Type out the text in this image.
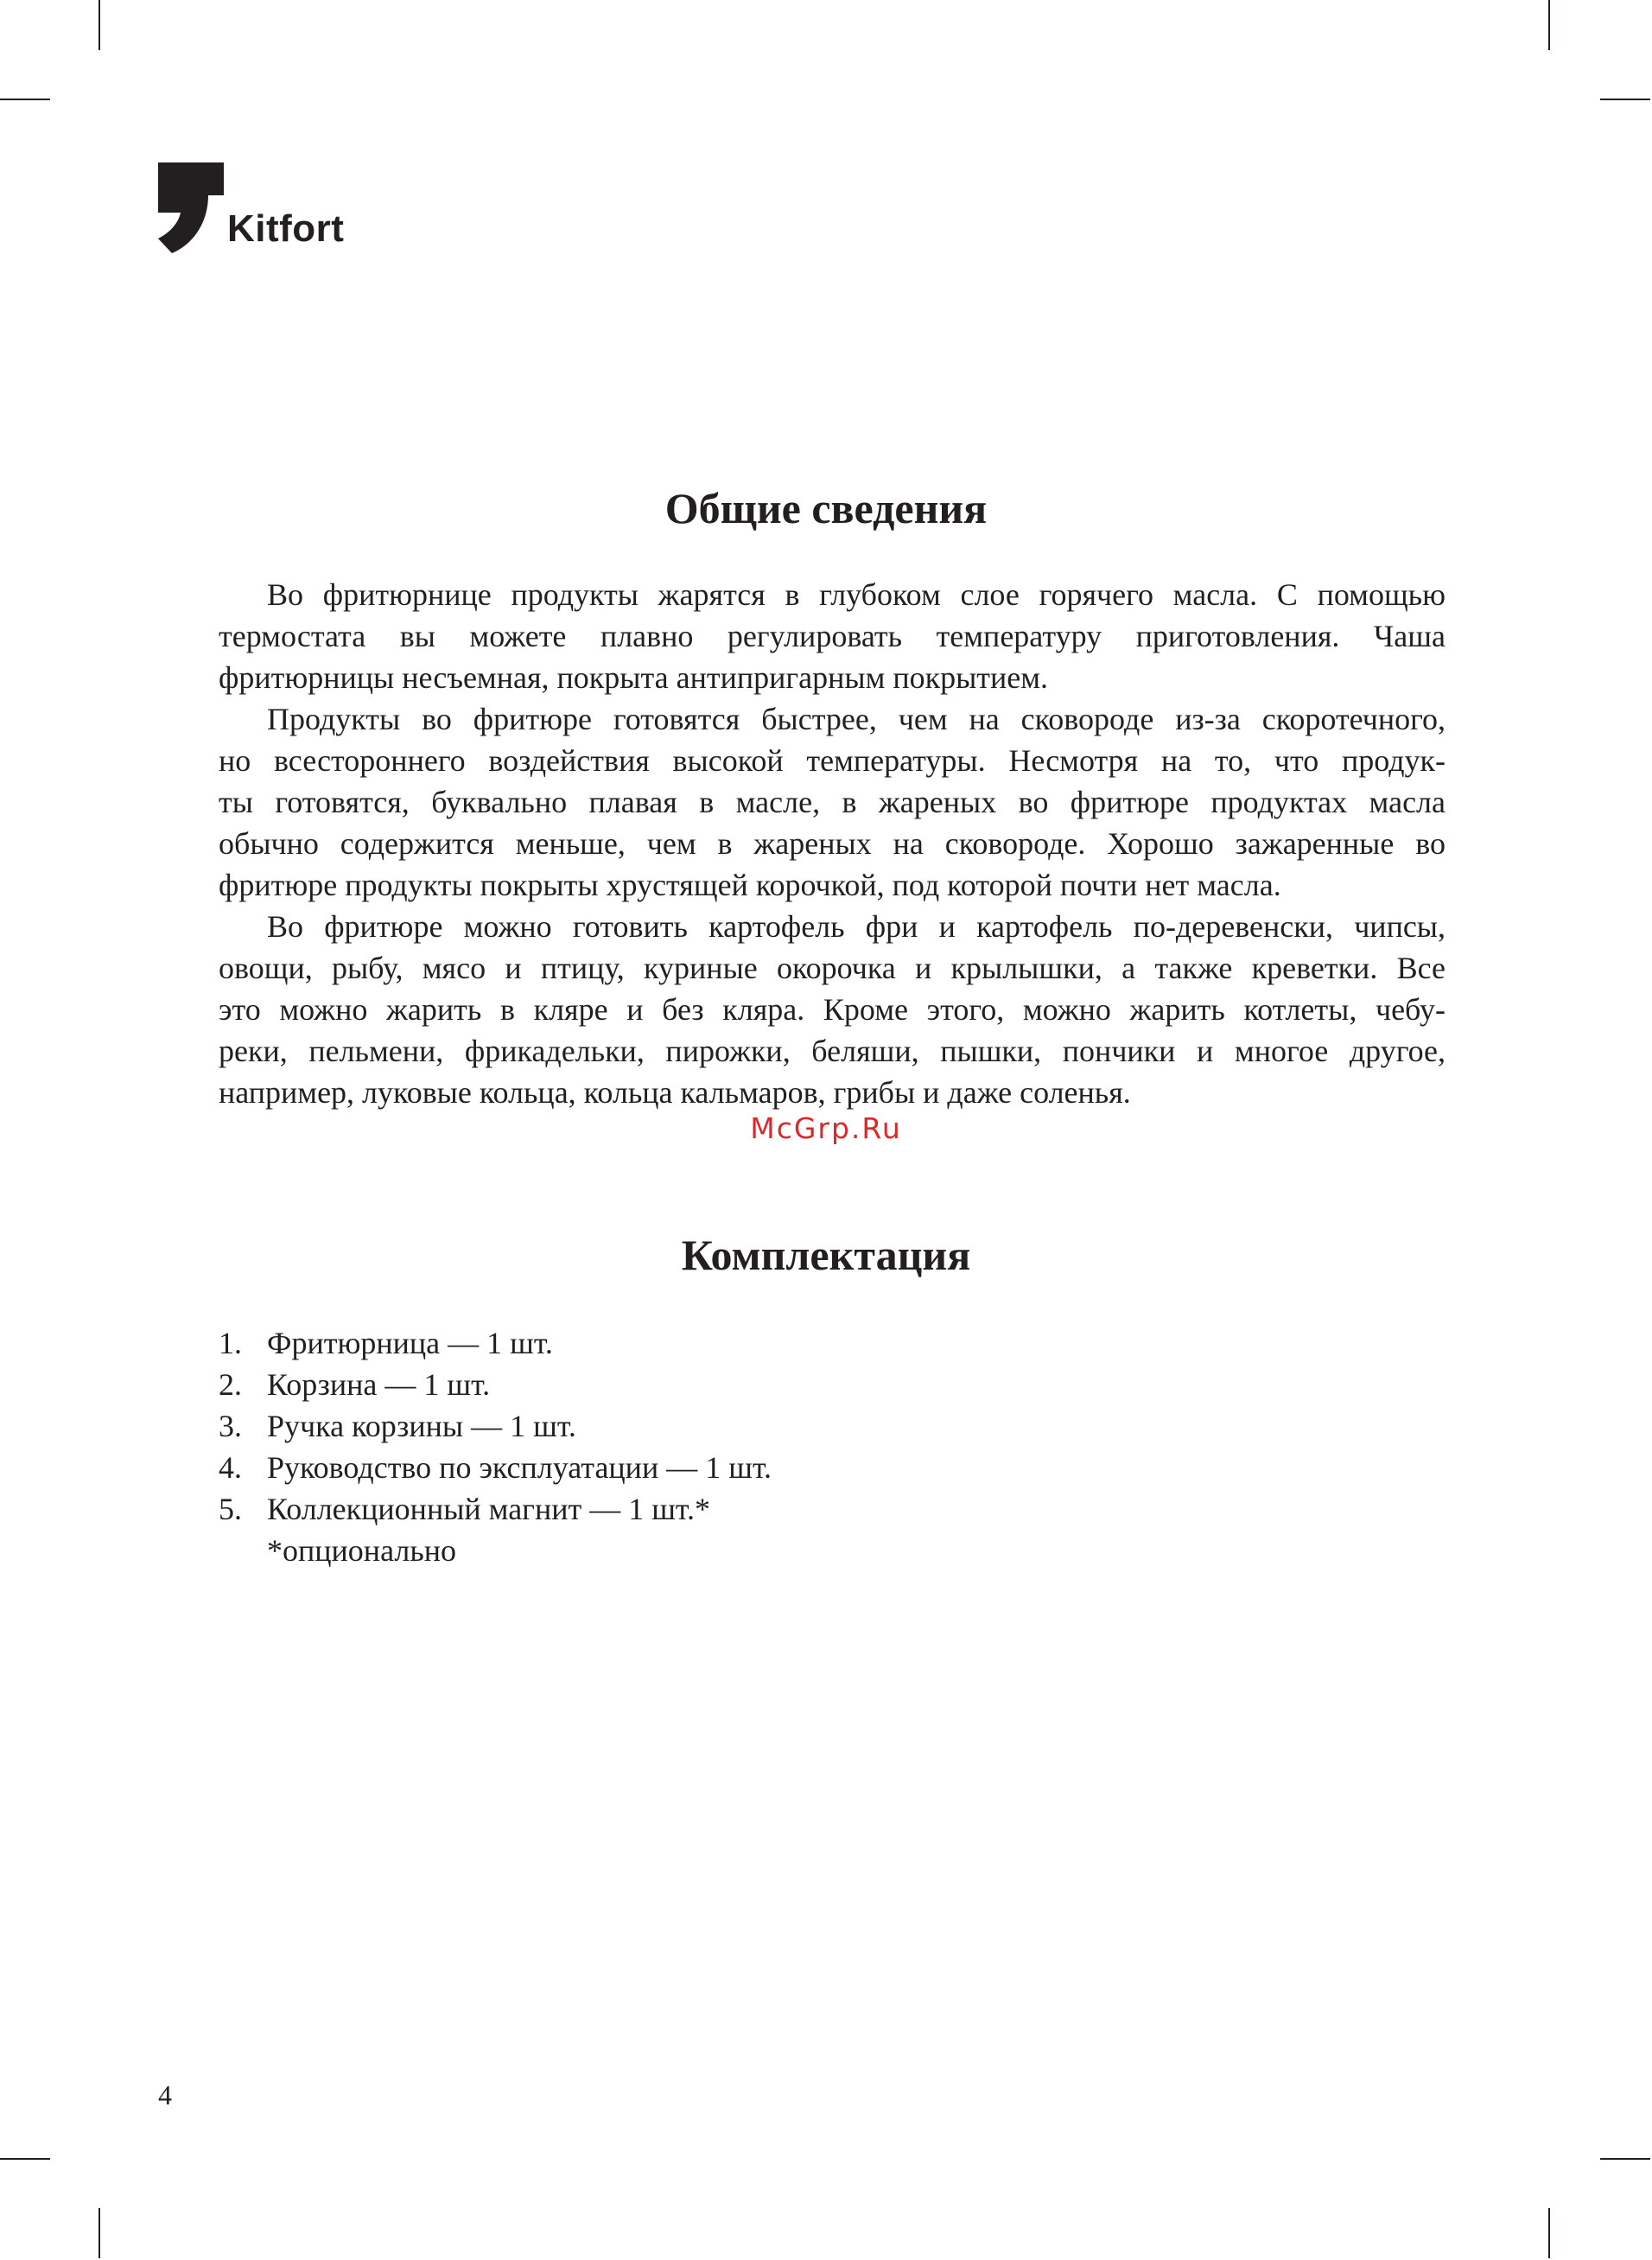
Kitfort
Общие сведения
Во фритюрнице продукты жарятся в глубоком слое горячего масла. С помощью
термостата вы можете плавно регулировать температуру приготовления. Чаша
фритюрницы несъемная, покрыта антипригарным покрытием.
Продукты во фритюре готовятся быстрее, чем на сковороде из-за скоротечного,
но всестороннего воздействия высокой температуры. Несмотря на то, что продук-
ты готовятся, буквально плавая в масле, в жареных во фритюре продуктах масла
обычно содержится меньше, чем в жареных на сковороде. Хорошо зажаренные во
фритюре продукты покрыты хрустящей корочкой, под которой почти нет масла.
Во фритюре можно готовить картофель фри и картофель по-деревенски, чипсы,
овощи, рыбу, мясо и птицу, куриные окорочка и крылышки, а также креветки. Все
это можно жарить в кляре и без кляра. Кроме этого, можно жарить котлеты, чебу-
реки, пельмени, фрикадельки, пирожки, беляши, пышки, пончики и многое другое,
например, луковые кольца, кольца кальмаров, грибы и даже соленья.
McGrp.Ru
Комплектация
1. Фритюрница — 1 шт.
2. Корзина — 1 шт.
3. Ручка корзины — 1 шт.
4. Руководство по эксплуатации — 1 шт.
5. Коллекционный магнит — 1 шт.*
*опционально
4
